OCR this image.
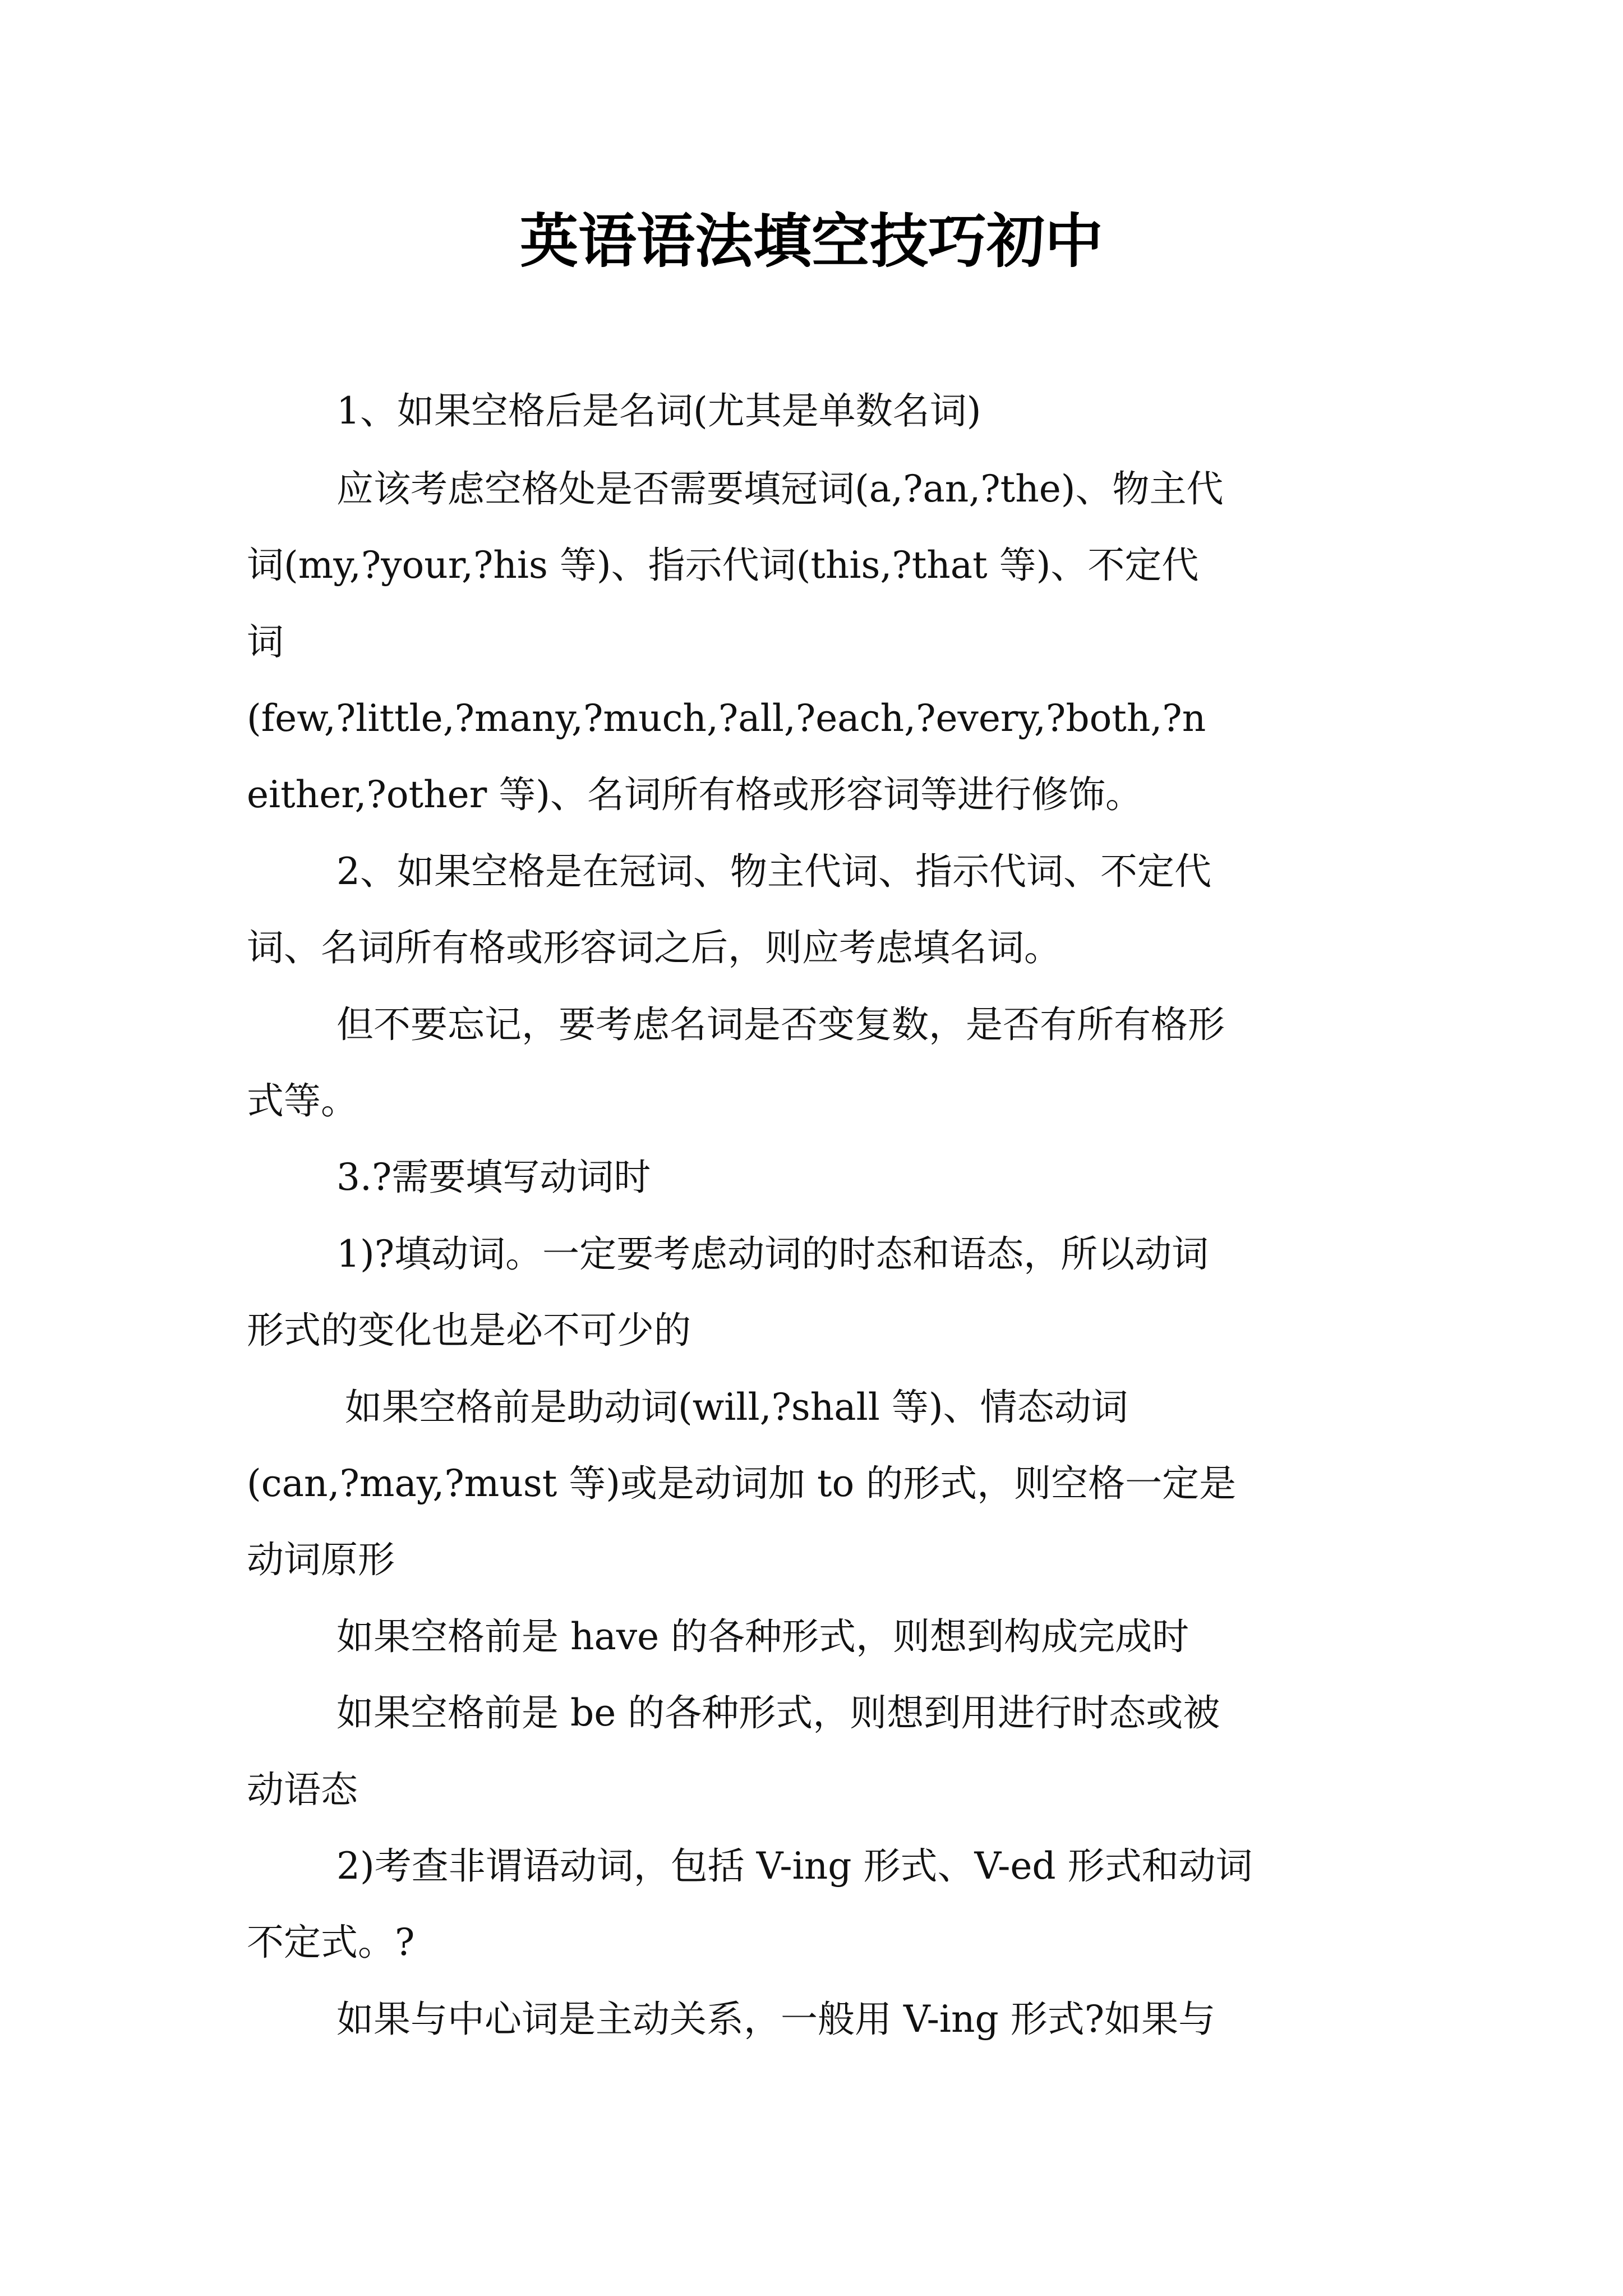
英语语法填空技巧初中

1、如果空格后是名词(尤其是单数名词)

应该考虑空格处是否需要填冠词(a,?an,?the)、物主代

词(my,?your,?his 等)、指示代词(this,?that 等)、不定代

词

(few,?little,?many,?much,?all,?each,?every,?both,?n

either,?other 等)、名词所有格或形容词等进行修饰。

2、如果空格是在冠词、物主代词、指示代词、不定代

词、名词所有格或形容词之后，则应考虑填名词。

但不要忘记，要考虑名词是否变复数，是否有所有格形

式等。

3.?需要填写动词时

1)?填动词。一定要考虑动词的时态和语态，所以动词

形式的变化也是必不可少的

如果空格前是助动词(will,?shall 等)、情态动词

(can,?may,?must 等)或是动词加 to 的形式，则空格一定是

动词原形

如果空格前是 have 的各种形式，则想到构成完成时

如果空格前是 be 的各种形式，则想到用进行时态或被

动语态

2)考查非谓语动词，包括 V-ing 形式、V-ed 形式和动词

不定式。?

如果与中心词是主动关系，一般用 V-ing 形式?如果与
